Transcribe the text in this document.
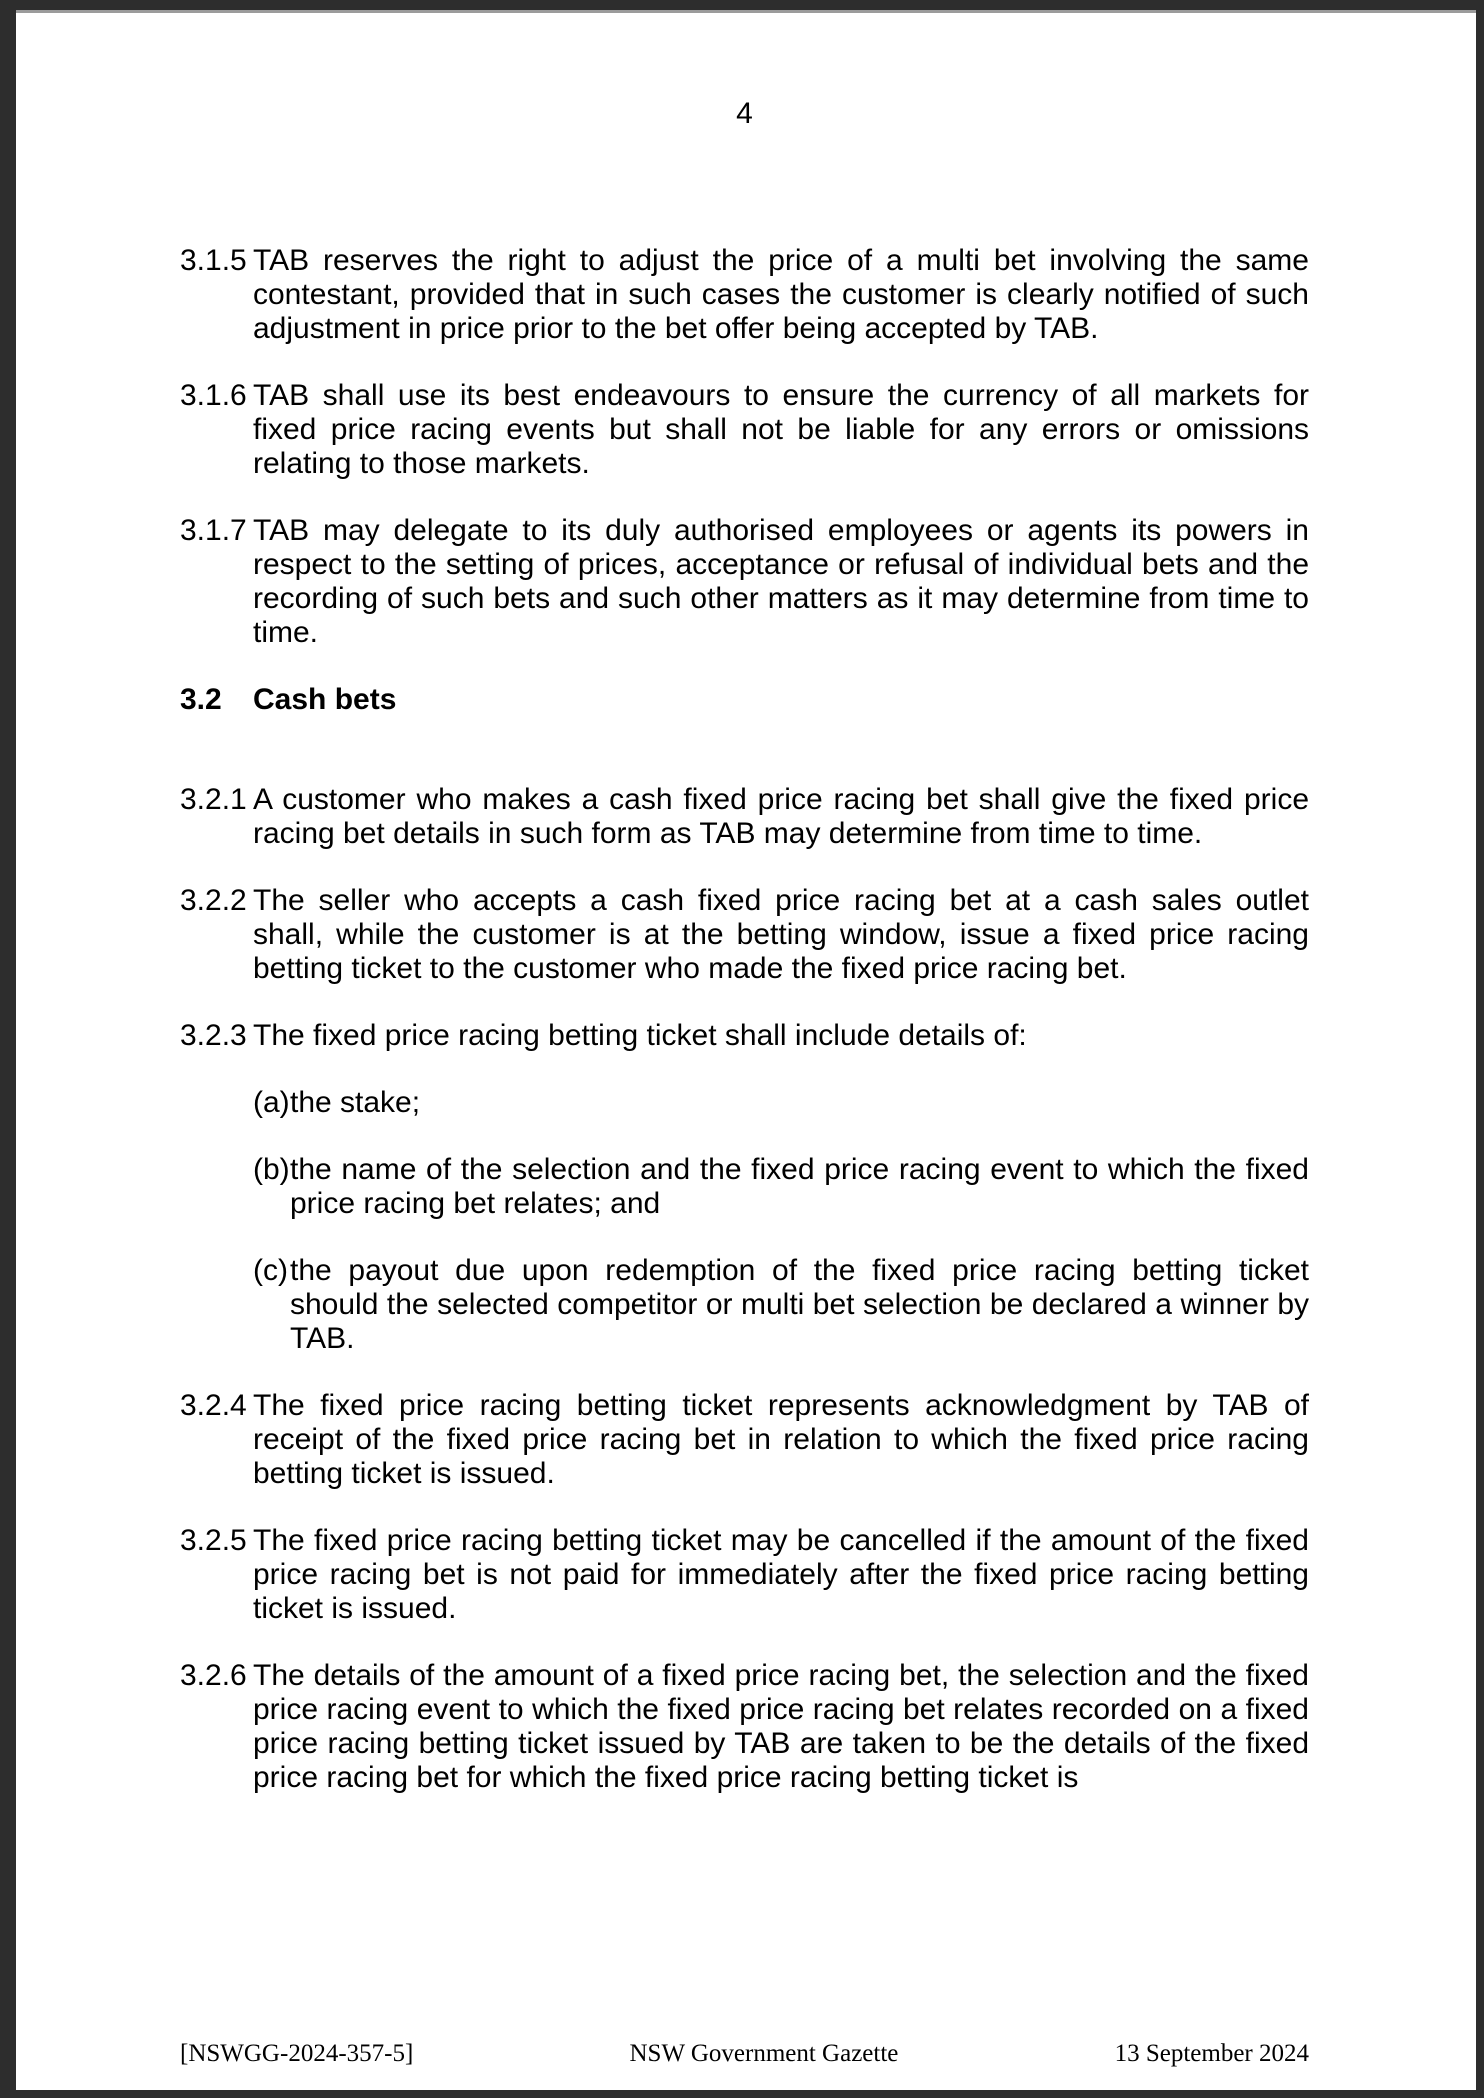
4
3.1.5 TAB reserves the right to adjust the price of a multi bet involving the same contestant, provided that in such cases the customer is clearly notified of such adjustment in price prior to the bet offer being accepted by TAB.
3.1.6 TAB shall use its best endeavours to ensure the currency of all markets for fixed price racing events but shall not be liable for any errors or omissions relating to those markets.
3.1.7 TAB may delegate to its duly authorised employees or agents its powers in respect to the setting of prices, acceptance or refusal of individual bets and the recording of such bets and such other matters as it may determine from time to time.
3.2	Cash bets
3.2.1 A customer who makes a cash fixed price racing bet shall give the fixed price racing bet details in such form as TAB may determine from time to time.
3.2.2 The seller who accepts a cash fixed price racing bet at a cash sales outlet shall, while the customer is at the betting window, issue a fixed price racing betting ticket to the customer who made the fixed price racing bet.
3.2.3 The fixed price racing betting ticket shall include details of:
(a) the stake;
(b) the name of the selection and the fixed price racing event to which the fixed price racing bet relates; and
(c) the payout due upon redemption of the fixed price racing betting ticket should the selected competitor or multi bet selection be declared a winner by TAB.
3.2.4 The fixed price racing betting ticket represents acknowledgment by TAB of receipt of the fixed price racing bet in relation to which the fixed price racing betting ticket is issued.
3.2.5 The fixed price racing betting ticket may be cancelled if the amount of the fixed price racing bet is not paid for immediately after the fixed price racing betting ticket is issued.
3.2.6 The details of the amount of a fixed price racing bet, the selection and the fixed price racing event to which the fixed price racing bet relates recorded on a fixed price racing betting ticket issued by TAB are taken to be the details of the fixed price racing bet for which the fixed price racing betting ticket is
[NSWGG-2024-357-5]	NSW Government Gazette	13 September 2024
